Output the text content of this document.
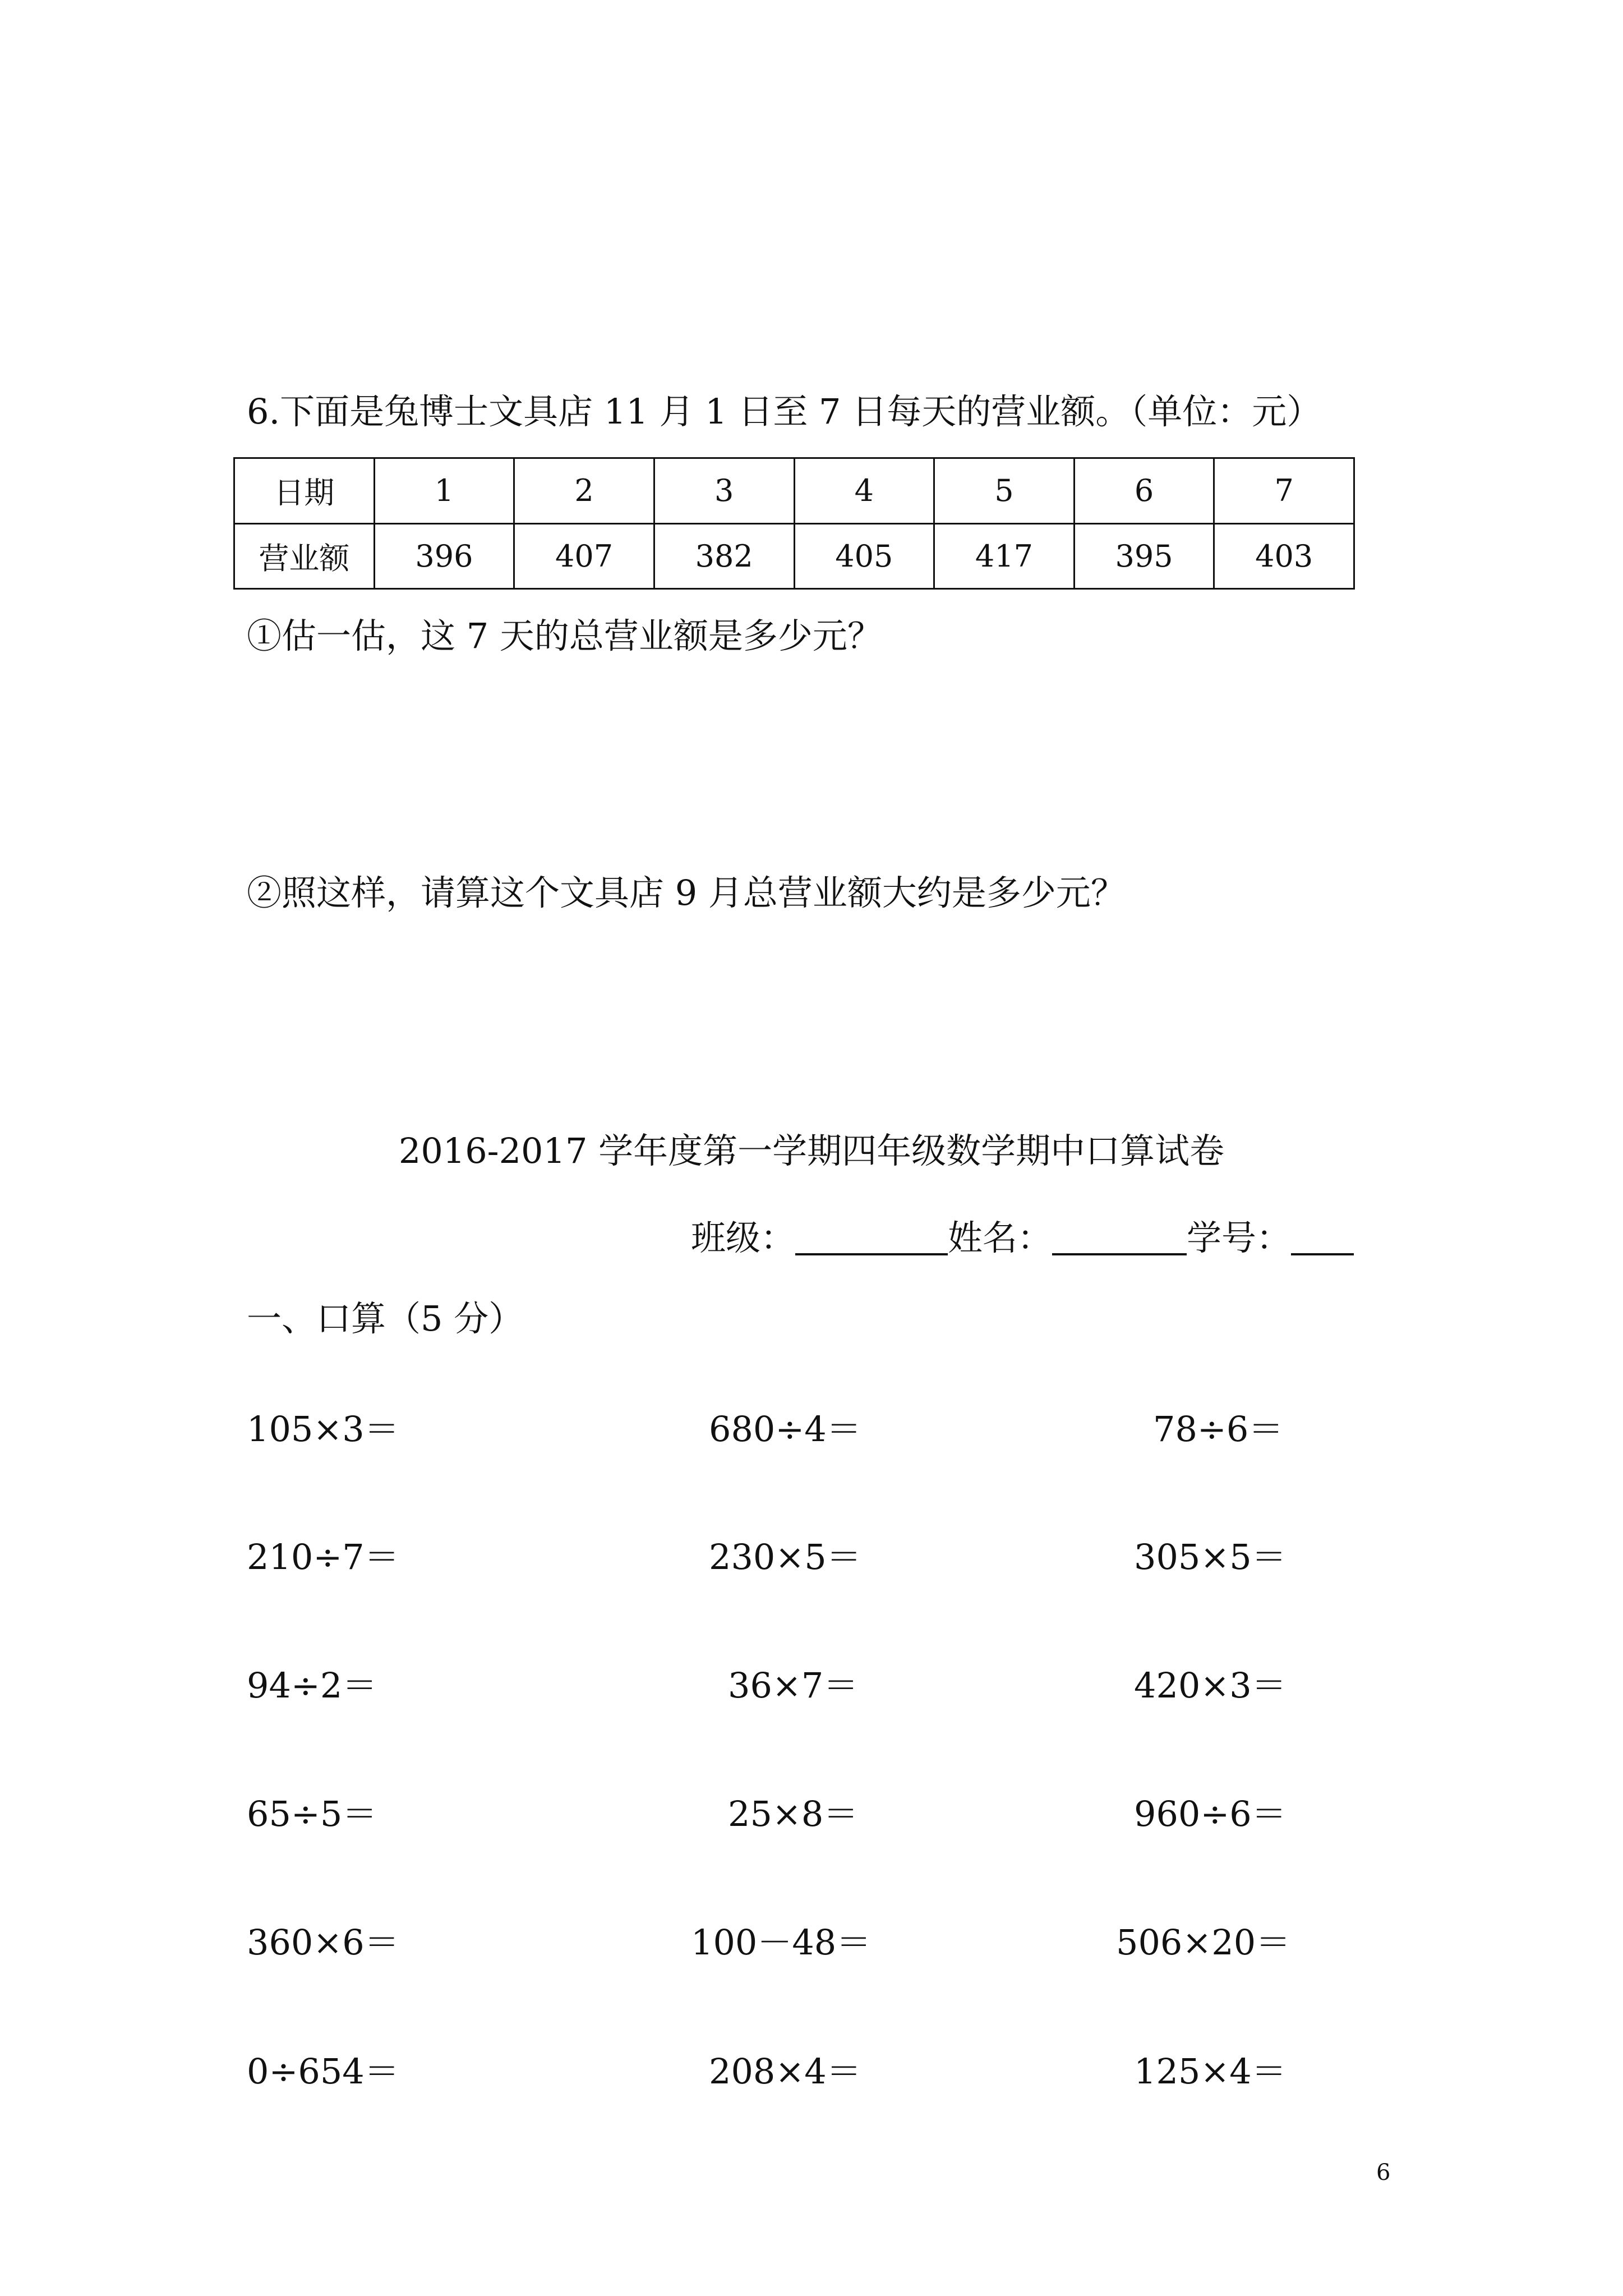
6.下面是兔博士文具店 11 月 1 日至 7 日每天的营业额。（单位：元）
日期	1	2	3	4	5	6	7
营业额	396	407	382	405	417	395	403
①估一估，这 7 天的总营业额是多少元？
②照这样，请算这个文具店 9 月总营业额大约是多少元？
2016-2017 学年度第一学期四年级数学期中口算试卷
班级：	姓名：	学号：
一、口算（5 分）
105×3＝	680÷4＝	78÷6＝
210÷7＝	230×5＝	305×5＝
94÷2＝	36×7＝	420×3＝
65÷5＝	25×8＝	960÷6＝
360×6＝	100－48＝	506×20＝
0÷654＝	208×4＝	125×4＝
6
